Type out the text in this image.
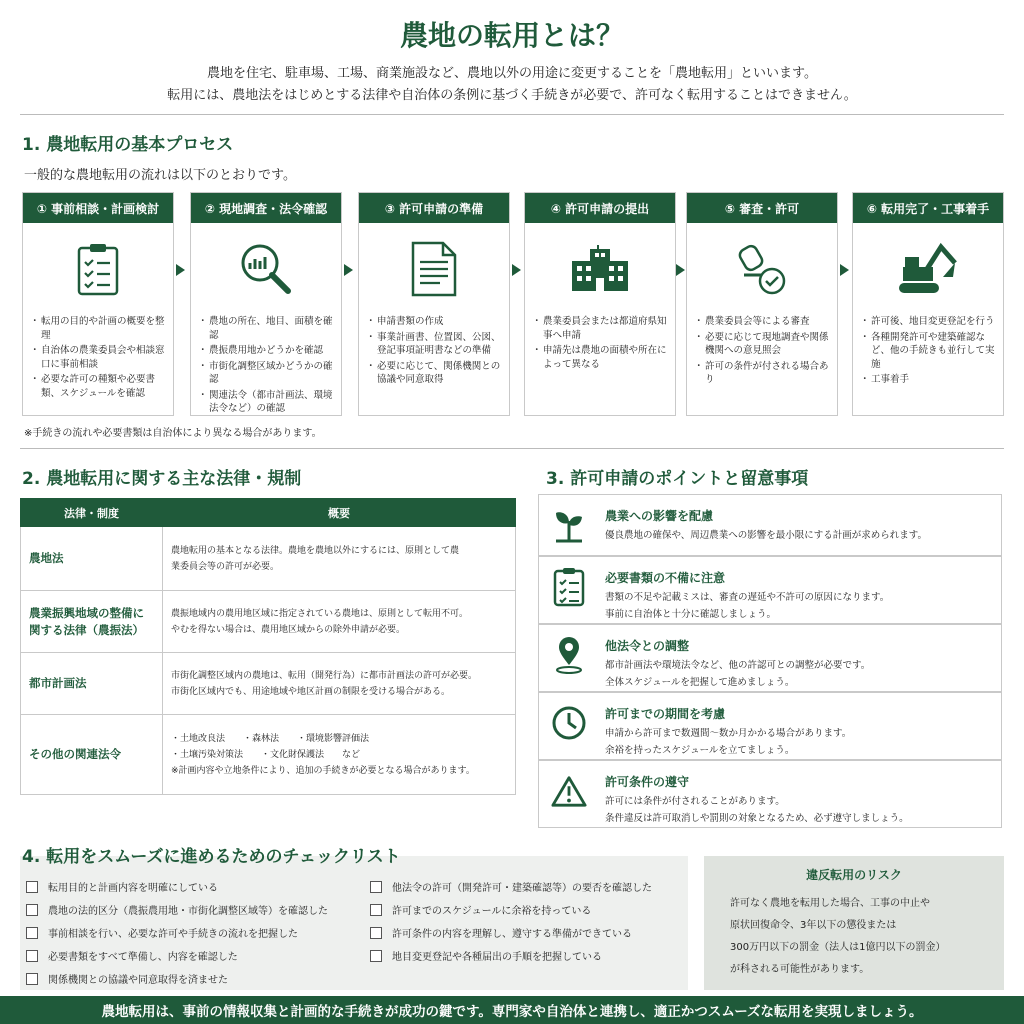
農地の転用とは？
農地を住宅、駐車場、工場、商業施設など、農地以外の用途に変更することを「農地転用」といいます。
転用には、農地法をはじめとする法律や自治体の条例に基づく手続きが必要で、許可なく転用することはできません。
1. 農地転用の基本プロセス
一般的な農地転用の流れは以下のとおりです。
① 事前相談・計画検討
・ 転用の目的や計画の概要を整理
・ 自治体の農業委員会や相談窓口に事前相談
・ 必要な許可の種類や必要書類、スケジュールを確認
② 現地調査・法令確認
・ 農地の所在、地目、面積を確認
・ 農振農用地かどうかを確認
・ 市街化調整区域かどうかの確認
・ 関連法令（都市計画法、環境法令など）の確認
③ 許可申請の準備
・ 申請書類の作成
・ 事業計画書、位置図、公図、登記事項証明書などの準備
・ 必要に応じて、関係機関との協議や同意取得
④ 許可申請の提出
・ 農業委員会または都道府県知事へ申請
・ 申請先は農地の面積や所在によって異なる
⑤ 審査・許可
・ 農業委員会等による審査
・ 必要に応じて現地調査や関係機関への意見照会
・ 許可の条件が付される場合あり
⑥ 転用完了・工事着手
・ 許可後、地目変更登記を行う
・ 各種開発許可や建築確認など、他の手続きも並行して実施
・ 工事着手
※手続きの流れや必要書類は自治体により異なる場合があります。
2. 農地転用に関する主な法律・規制
法律・制度	概要
農地法	農地転用の基本となる法律。農地を農地以外にするには、原則として農
業委員会等の許可が必要。

農業振興地域の整備に関する法律（農振法）	農振地域内の農用地区域に指定されている農地は、原則として転用不可。
やむを得ない場合は、農用地区域からの除外申請が必要。

都市計画法	市街化調整区域内の農地は、転用（開発行為）に都市計画法の許可が必要。
市街化区域内でも、用途地域や地区計画の制限を受ける場合がある。

その他の関連法令	・土地改良法　　・森林法　　・環境影響評価法
・土壌汚染対策法　　・文化財保護法　　など
※計画内容や立地条件により、追加の手続きが必要となる場合があります。
3. 許可申請のポイントと留意事項
農業への影響を配慮
優良農地の確保や、周辺農業への影響を最小限にする計画が求められます。
必要書類の不備に注意
書類の不足や記載ミスは、審査の遅延や不許可の原因になります。
事前に自治体と十分に確認しましょう。
他法令との調整
都市計画法や環境法令など、他の許認可との調整が必要です。
全体スケジュールを把握して進めましょう。
許可までの期間を考慮
申請から許可まで数週間～数か月かかる場合があります。
余裕を持ったスケジュールを立てましょう。
許可条件の遵守
許可には条件が付されることがあります。
条件違反は許可取消しや罰則の対象となるため、必ず遵守しましょう。
4. 転用をスムーズに進めるためのチェックリスト
転用目的と計画内容を明確にしている
農地の法的区分（農振農用地・市街化調整区域等）を確認した
事前相談を行い、必要な許可や手続きの流れを把握した
必要書類をすべて準備し、内容を確認した
関係機関との協議や同意取得を済ませた
他法令の許可（開発許可・建築確認等）の要否を確認した
許可までのスケジュールに余裕を持っている
許可条件の内容を理解し、遵守する準備ができている
地目変更登記や各種届出の手順を把握している
違反転用のリスク
許可なく農地を転用した場合、工事の中止や
原状回復命令、3年以下の懲役または
300万円以下の罰金（法人は1億円以下の罰金）
が科される可能性があります。
農地転用は、事前の情報収集と計画的な手続きが成功の鍵です。専門家や自治体と連携し、適正かつスムーズな転用を実現しましょう。
